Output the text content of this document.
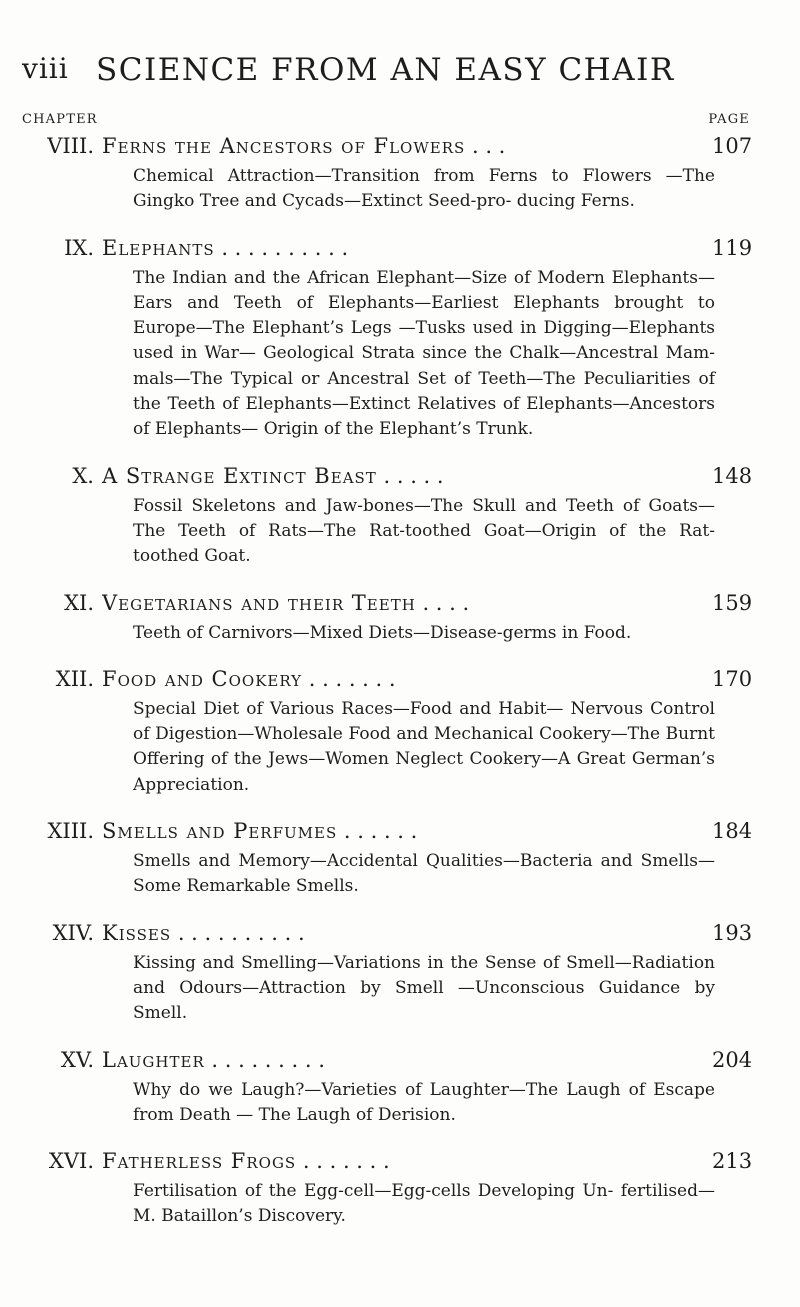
viii SCIENCE FROM AN EASY CHAIR
CHAPTER	PAGE
VIII. Ferns the Ancestors of Flowers . . .	107

Chemical Attraction—Transition from Ferns to Flowers —The Gingko Tree and Cycads—Extinct Seed-pro- ducing Ferns.

IX. Elephants . . . . . . . . . .	119

The Indian and the African Elephant—Size of Modern Elephants—Ears and Teeth of Elephants—Earliest Elephants brought to Europe—The Elephant’s Legs —Tusks used in Digging—Elephants used in War— Geological Strata since the Chalk—Ancestral Mam- mals—The Typical or Ancestral Set of Teeth—The Peculiarities of the Teeth of Elephants—Extinct Relatives of Elephants—Ancestors of Elephants— Origin of the Elephant’s Trunk.

X. A Strange Extinct Beast . . . . .	148

Fossil Skeletons and Jaw-bones—The Skull and Teeth of Goats—The Teeth of Rats—The Rat-toothed Goat—Origin of the Rat-toothed Goat.

XI. Vegetarians and their Teeth . . . .	159

Teeth of Carnivors—Mixed Diets—Disease-germs in Food.

XII. Food and Cookery . . . . . . .	170

Special Diet of Various Races—Food and Habit— Nervous Control of Digestion—Wholesale Food and Mechanical Cookery—The Burnt Offering of the Jews—Women Neglect Cookery—A Great German’s Appreciation.

XIII. Smells and Perfumes . . . . . .	184

Smells and Memory—Accidental Qualities—Bacteria and Smells—Some Remarkable Smells.

XIV. Kisses . . . . . . . . . .	193

Kissing and Smelling—Variations in the Sense of Smell—Radiation and Odours—Attraction by Smell —Unconscious Guidance by Smell.

XV. Laughter . . . . . . . . .	204

Why do we Laugh?—Varieties of Laughter—The Laugh of Escape from Death — The Laugh of Derision.

XVI. Fatherless Frogs . . . . . . .	213

Fertilisation of the Egg-cell—Egg-cells Developing Un- fertilised—M. Bataillon’s Discovery.
